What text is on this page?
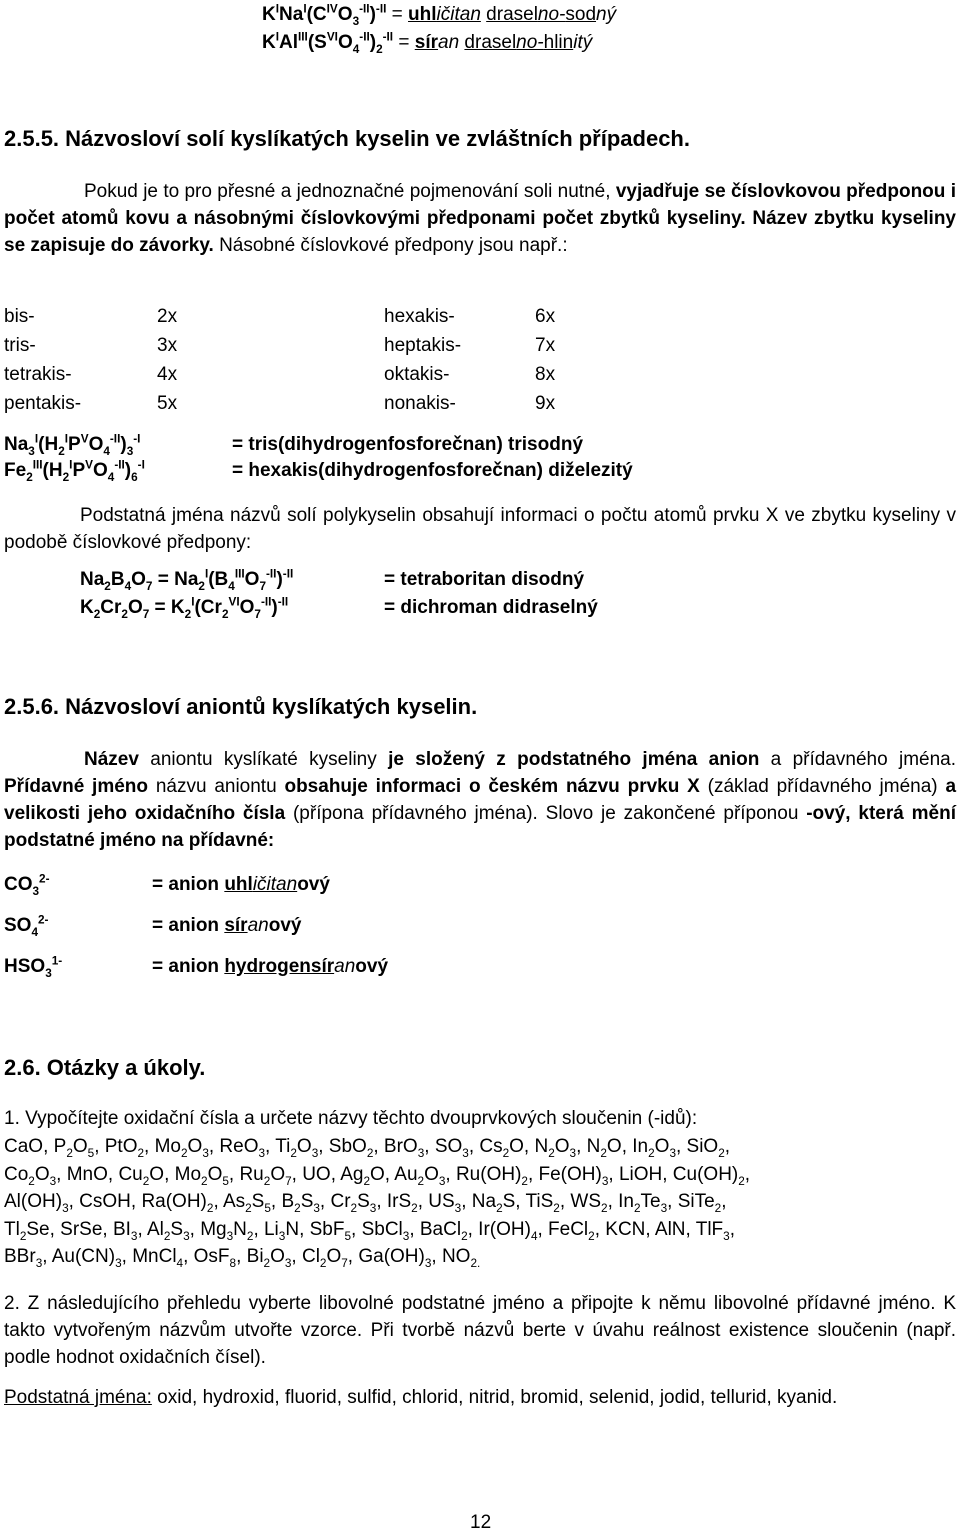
$K^INa^I(C^{IV}O_3^{-II})^{-II}$ = uhličitan draselno-sodný
$K^IAl^{III}(S^{VI}O_4^{-II})_2^{-II}$ = síran draselno-hlinitý
2.5.5. Názvosloví solí kyslíkatých kyselin ve zvláštních případech.
Pokud je to pro přesné a jednoznačné pojmenování soli nutné, vyjadřuje se číslovkovou předponou i počet atomů kovu a násobnými číslovkovými předponami počet zbytků kyseliny. Název zbytku kyseliny se zapisuje do závorky. Násobné číslovkové předpony jsou např.:
bis-	2x	hexakis-	6x
tris-	3x	heptakis-	7x
tetrakis-	4x	oktakis-	8x
pentakis-	5x	nonakis-	9x
$Na_3^I(H_2^IP^VO_4^{-II})_3^{-I}$	= tris(dihydrogenfosforečnan) trisodný
$Fe_2^{III}(H_2^IP^VO_4^{-II})_6^{-I}$	= hexakis(dihydrogenfosforečnan) diželezitý
Podstatná jména názvů solí polykyselin obsahují informaci o počtu atomů prvku X ve zbytku kyseliny v podobě číslovkové předpony:
$Na_2B_4O_7 = Na_2^I(B_4^{III}O_7^{-II})^{-II}$	= tetraboritan disodný
$K_2Cr_2O_7 = K_2^I(Cr_2^{VI}O_7^{-II})^{-II}$	= dichroman didraselný
2.5.6. Názvosloví aniontů kyslíkatých kyselin.
Název aniontu kyslíkaté kyseliny je složený z podstatného jména anion a přídavného jména. Přídavné jméno názvu aniontu obsahuje informaci o českém názvu prvku X (základ přídavného jména) a velikosti jeho oxidačního čísla (přípona přídavného jména). Slovo je zakončené příponou -ový, která mění podstatné jméno na přídavné:
$CO_3^{2-}$	= anion uhličitanový
$SO_4^{2-}$	= anion síranový
$HSO_3^{1-}$	= anion hydrogensíranový
2.6. Otázky a úkoly.
1. Vypočítejte oxidační čísla a určete názvy těchto dvouprvkových sloučenin (-idů):
CaO, $P_2O_5$, PtO$_2$, $Mo_2O_3$, ReO$_3$, $Ti_2O_3$, SbO$_2$, BrO$_3$, $SO_3$, $Cs_2O$, $N_2O_3$, $N_2O$, $In_2O_3$, SiO$_2$,
$Co_2O_3$, MnO, $Cu_2O$, $Mo_2O_5$, $Ru_2O_7$, UO, $Ag_2O$, $Au_2O_3$, $Ru(OH)_2$, $Fe(OH)_3$, LiOH, $Cu(OH)_2$,
$Al(OH)_3$, CsOH, $Ra(OH)_2$, $As_2S_5$, $B_2S_3$, $Cr_2S_3$, IrS$_2$, $US_3$, $Na_2S$, TiS$_2$, $WS_2$, $In_2Te_3$, SiTe$_2$,
$Tl_2Se$, SrSe, $BI_3$, $Al_2S_3$, $Mg_3N_2$, $Li_3N$, SbF$_5$, SbCl$_3$, BaCl$_2$, $Ir(OH)_4$, FeCl$_2$, KCN, AlN, TlF$_3$,
BBr$_3$, $Au(CN)_3$, MnCl$_4$, OsF$_8$, $Bi_2O_3$, $Cl_2O_7$, $Ga(OH)_3$, $NO_{2.}$
2. Z následujícího přehledu vyberte libovolné podstatné jméno a připojte k němu libovolné přídavné jméno. K takto vytvořeným názvům utvořte vzorce. Při tvorbě názvů berte v úvahu reálnost existence sloučenin (např. podle hodnot oxidačních čísel).
Podstatná jména: oxid, hydroxid, fluorid, sulfid, chlorid, nitrid, bromid, selenid, jodid, tellurid, kyanid.
12
